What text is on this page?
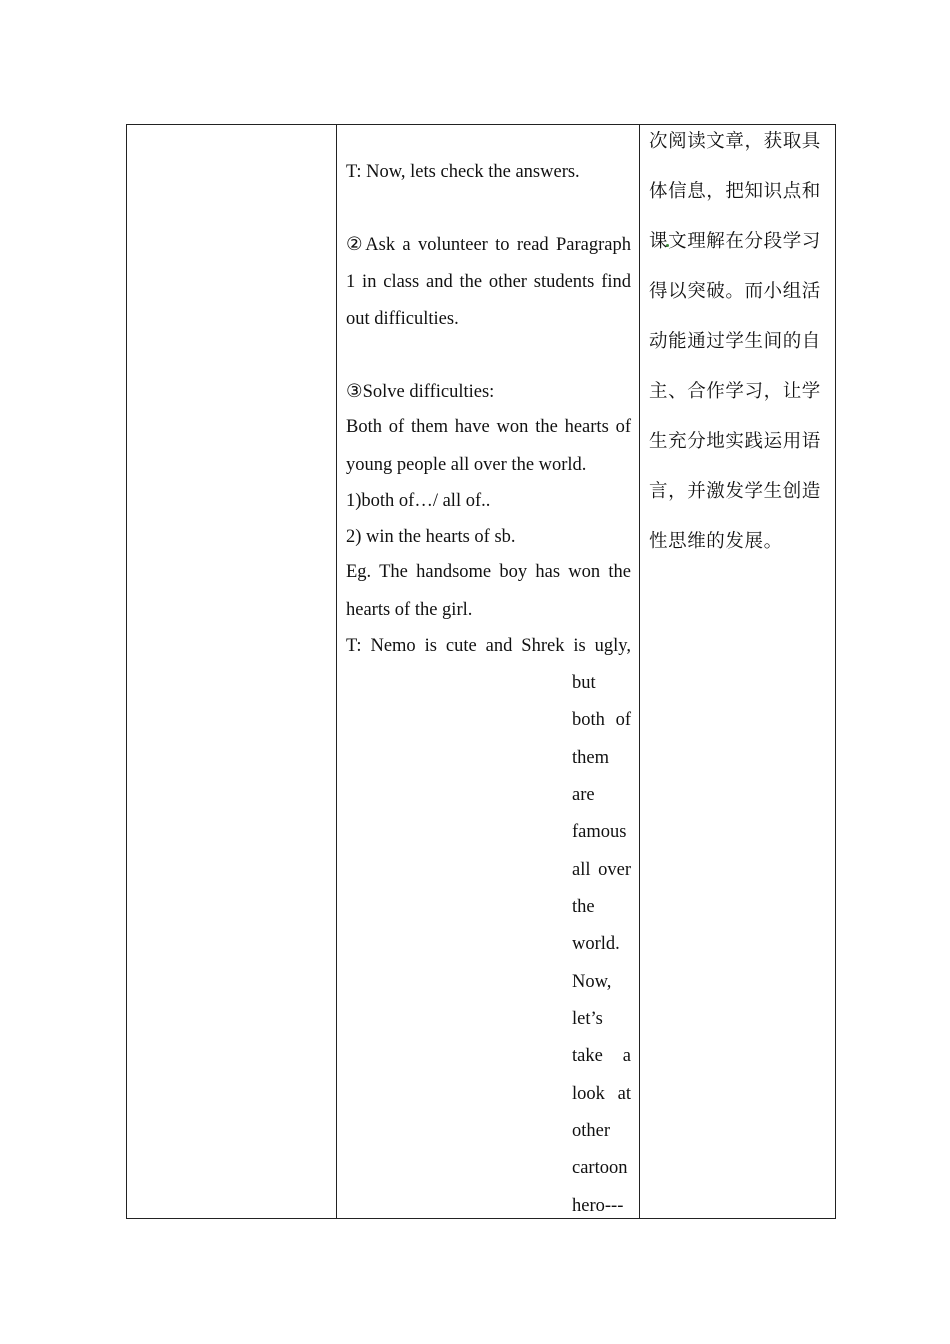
T: Now, lets check the answers.
②Ask a volunteer to read Paragraph
1 in class and the other students find
out difficulties.
③Solve difficulties:
Both of them have won the hearts of
young people all over the world.
1)both of…/ all of..
2) win the hearts of sb.
Eg. The handsome boy has won the
hearts of the girl.
T: Nemo is cute and Shrek is ugly,
but
both of
them
are
famous
all over
the
world.
Now,
let’s
take a
look at
other
cartoon
hero---
次阅读文章，获取具
体信息，把知识点和
课文理解在分段学习
得以突破。而小组活
动能通过学生间的自
主、合作学习，让学
生充分地实践运用语
言，并激发学生创造
性思维的发展。
